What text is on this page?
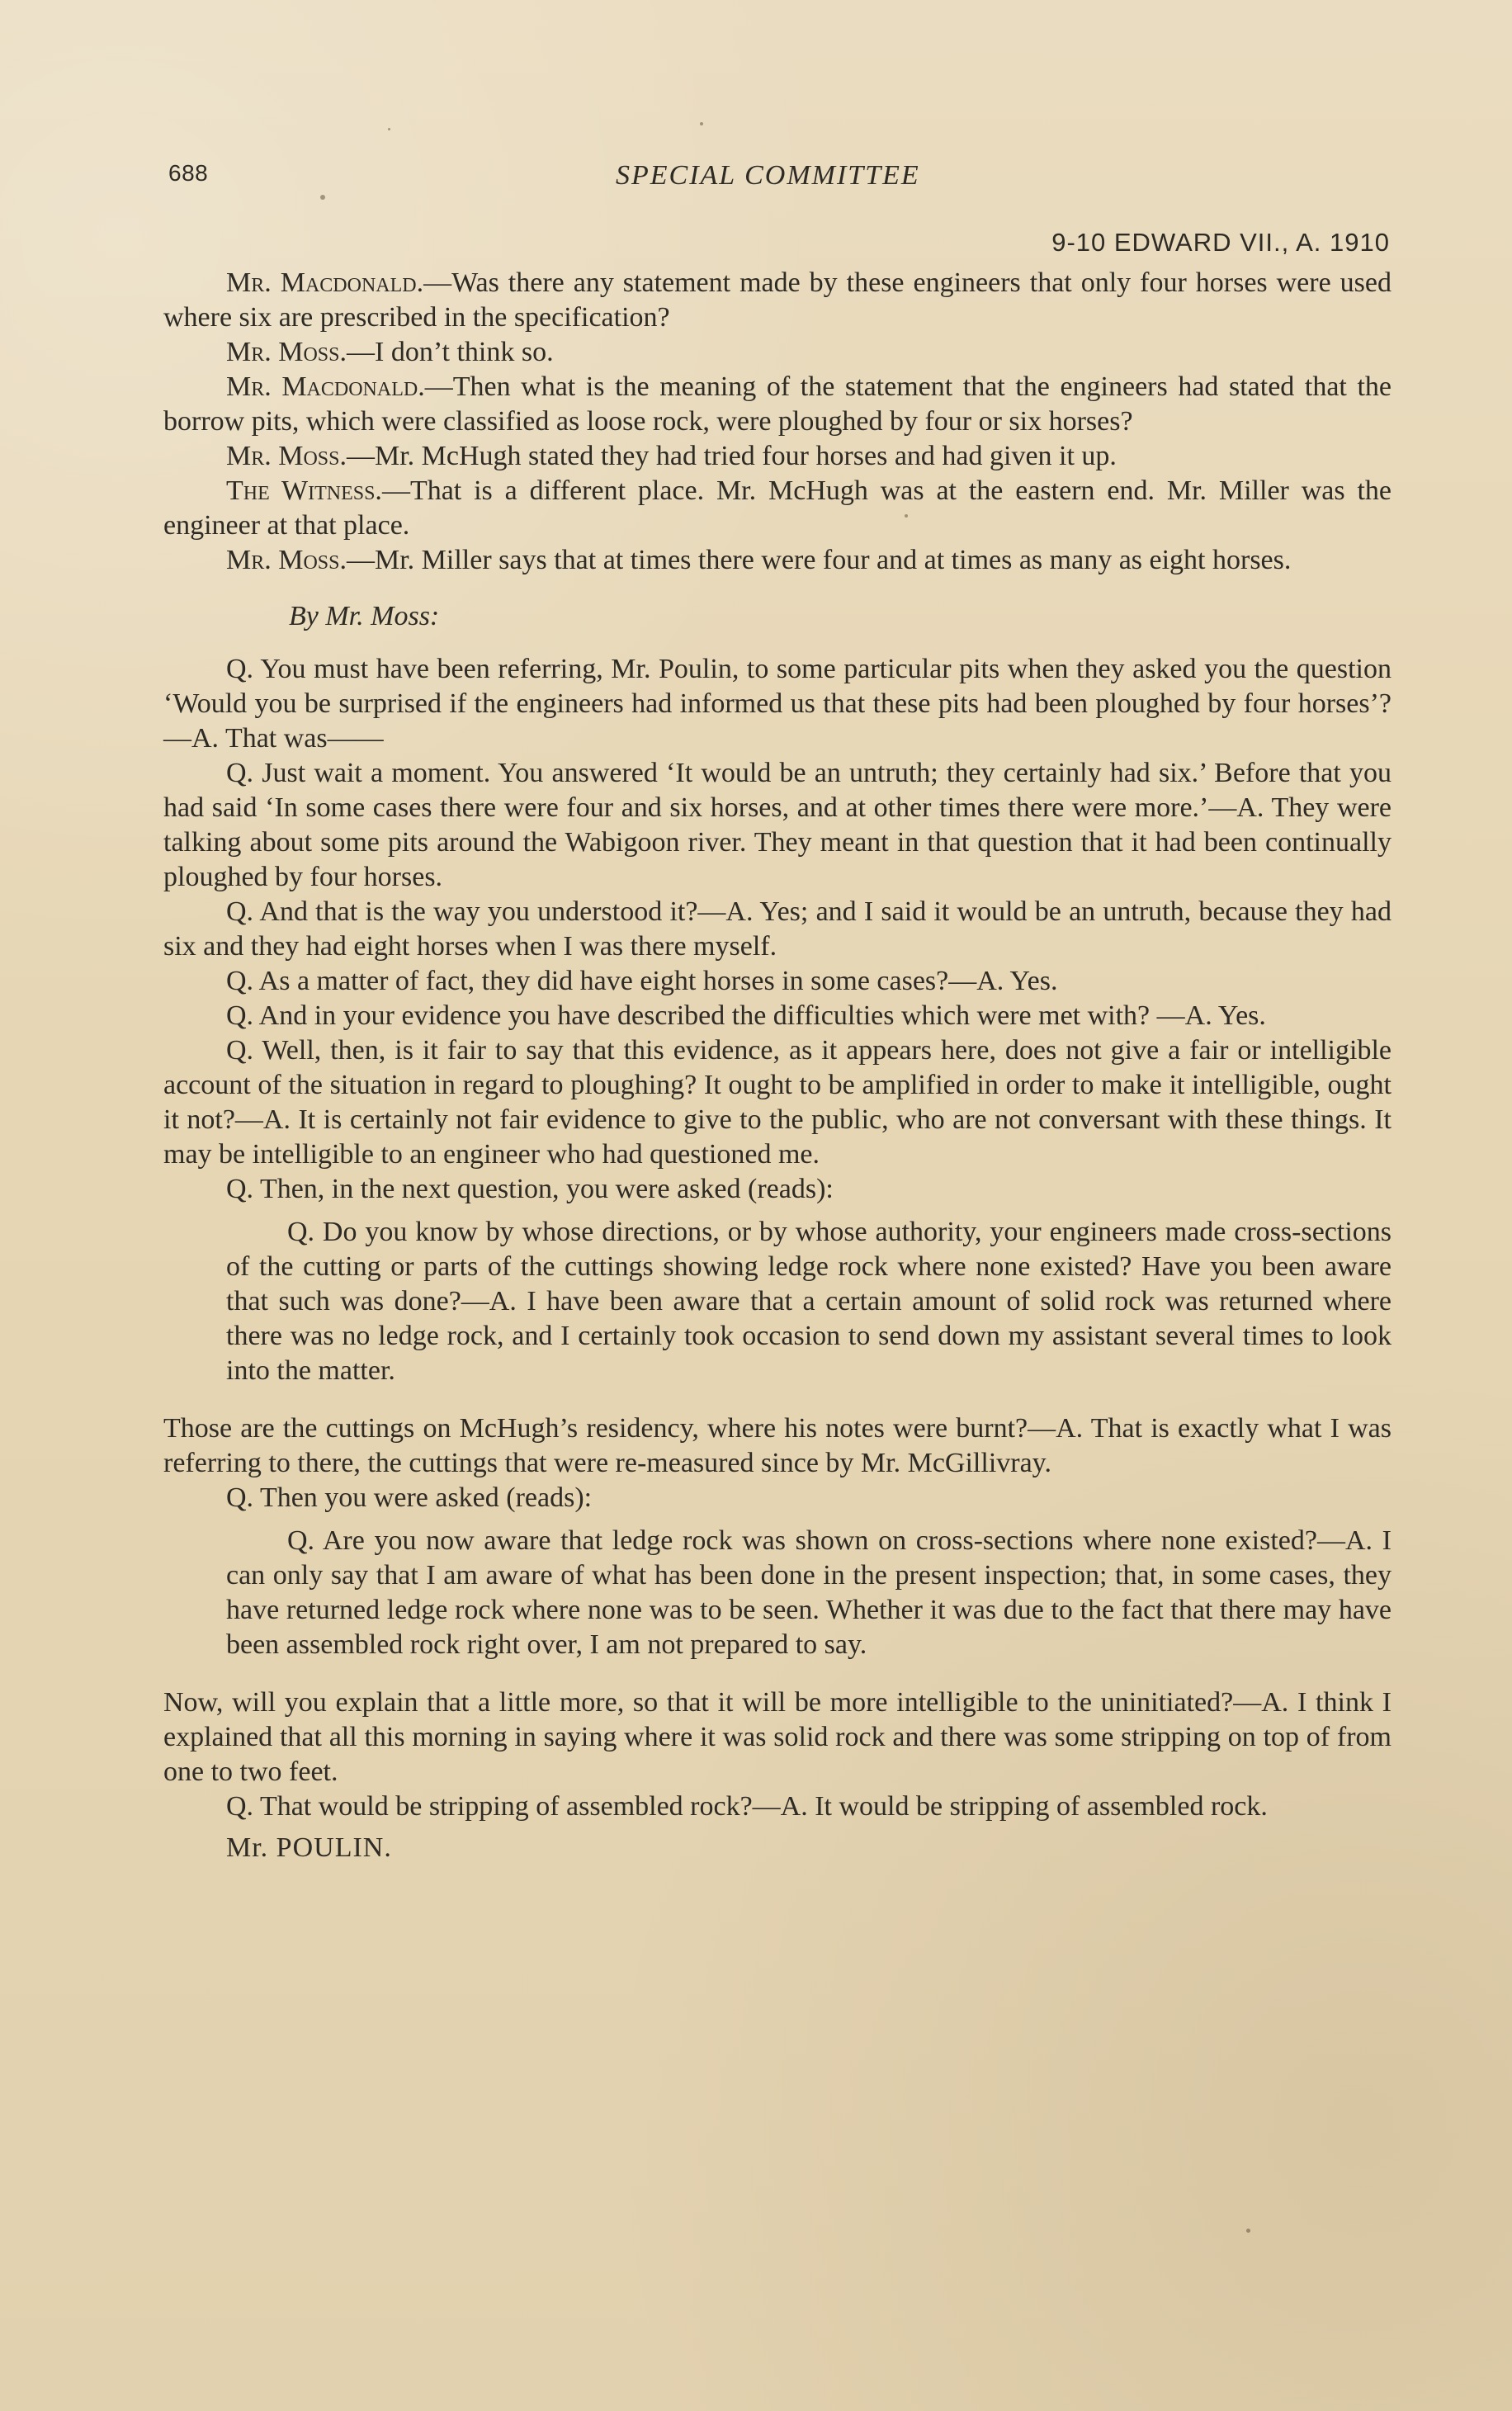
688	SPECIAL COMMITTEE
9-10 EDWARD VII., A. 1910

Mr. Macdonald.—Was there any statement made by these engineers that only four horses were used where six are prescribed in the specification?

Mr. Moss.—I don’t think so.

Mr. Macdonald.—Then what is the meaning of the statement that the engineers had stated that the borrow pits, which were classified as loose rock, were ploughed by four or six horses?

Mr. Moss.—Mr. McHugh stated they had tried four horses and had given it up.

The Witness.—That is a different place. Mr. McHugh was at the eastern end. Mr. Miller was the engineer at that place.

Mr. Moss.—Mr. Miller says that at times there were four and at times as many as eight horses.

By Mr. Moss:

Q. You must have been referring, Mr. Poulin, to some particular pits when they asked you the question ‘Would you be surprised if the engineers had informed us that these pits had been ploughed by four horses’?—A. That was——

Q. Just wait a moment. You answered ‘It would be an untruth; they certainly had six.’ Before that you had said ‘In some cases there were four and six horses, and at other times there were more.’—A. They were talking about some pits around the Wabigoon river. They meant in that question that it had been continually ploughed by four horses.

Q. And that is the way you understood it?—A. Yes; and I said it would be an untruth, because they had six and they had eight horses when I was there myself.

Q. As a matter of fact, they did have eight horses in some cases?—A. Yes.

Q. And in your evidence you have described the difficulties which were met with? —A. Yes.

Q. Well, then, is it fair to say that this evidence, as it appears here, does not give a fair or intelligible account of the situation in regard to ploughing? It ought to be amplified in order to make it intelligible, ought it not?—A. It is certainly not fair evidence to give to the public, who are not conversant with these things. It may be intelligible to an engineer who had questioned me.

Q. Then, in the next question, you were asked (reads):

Q. Do you know by whose directions, or by whose authority, your engineers made cross-sections of the cutting or parts of the cuttings showing ledge rock where none existed? Have you been aware that such was done?—A. I have been aware that a certain amount of solid rock was returned where there was no ledge rock, and I certainly took occasion to send down my assistant several times to look into the matter.

Those are the cuttings on McHugh’s residency, where his notes were burnt?—A. That is exactly what I was referring to there, the cuttings that were re-measured since by Mr. McGillivray.

Q. Then you were asked (reads):

Q. Are you now aware that ledge rock was shown on cross-sections where none existed?—A. I can only say that I am aware of what has been done in the present inspection; that, in some cases, they have returned ledge rock where none was to be seen. Whether it was due to the fact that there may have been assembled rock right over, I am not prepared to say.

Now, will you explain that a little more, so that it will be more intelligible to the uninitiated?—A. I think I explained that all this morning in saying where it was solid rock and there was some stripping on top of from one to two feet.

Q. That would be stripping of assembled rock?—A. It would be stripping of assembled rock.

Mr. POULIN.
